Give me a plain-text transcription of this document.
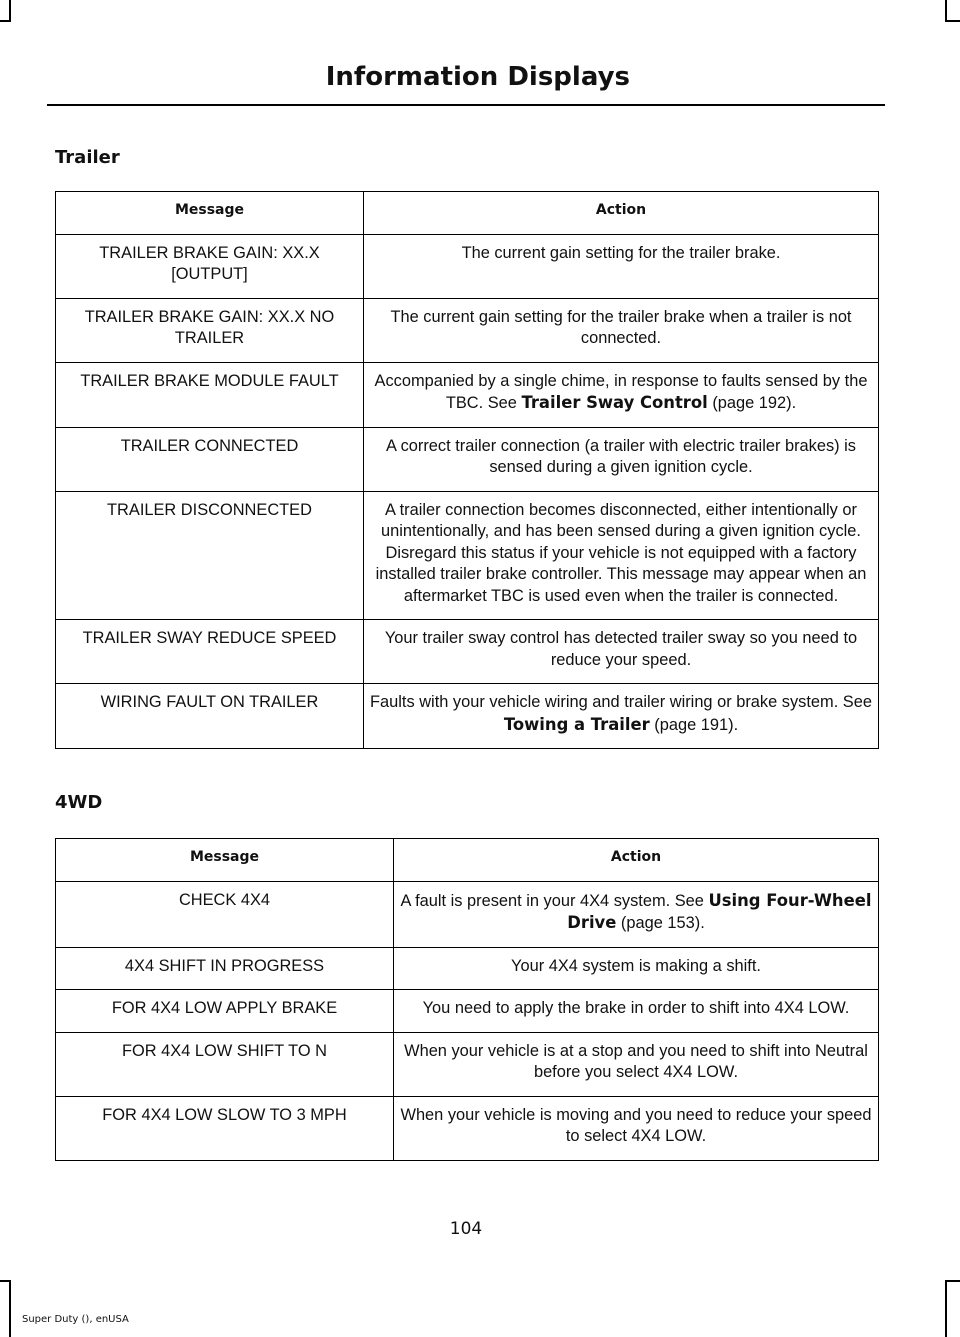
Information Displays
Trailer
Message	Action
TRAILER BRAKE GAIN: XX.X [OUTPUT]	The current gain setting for the trailer brake.
TRAILER BRAKE GAIN: XX.X NO TRAILER	The current gain setting for the trailer brake when a trailer is not connected.
TRAILER BRAKE MODULE FAULT	Accompanied by a single chime, in response to faults sensed by the TBC. See Trailer Sway Control (page 192).
TRAILER CONNECTED	A correct trailer connection (a trailer with electric trailer brakes) is sensed during a given ignition cycle.
TRAILER DISCONNECTED	A trailer connection becomes disconnected, either intentionally or unintentionally, and has been sensed during a given ignition cycle. Disregard this status if your vehicle is not equipped with a factory installed trailer brake controller. This message may appear when an aftermarket TBC is used even when the trailer is connected.
TRAILER SWAY REDUCE SPEED	Your trailer sway control has detected trailer sway so you need to reduce your speed.
WIRING FAULT ON TRAILER	Faults with your vehicle wiring and trailer wiring or brake system. See Towing a Trailer (page 191).
4WD
Message	Action
CHECK 4X4	A fault is present in your 4X4 system. See Using Four-Wheel Drive (page 153).
4X4 SHIFT IN PROGRESS	Your 4X4 system is making a shift.
FOR 4X4 LOW APPLY BRAKE	You need to apply the brake in order to shift into 4X4 LOW.
FOR 4X4 LOW SHIFT TO N	When your vehicle is at a stop and you need to shift into Neutral before you select 4X4 LOW.
FOR 4X4 LOW SLOW TO 3 MPH	When your vehicle is moving and you need to reduce your speed to select 4X4 LOW.

104

Super Duty (), enUSA
